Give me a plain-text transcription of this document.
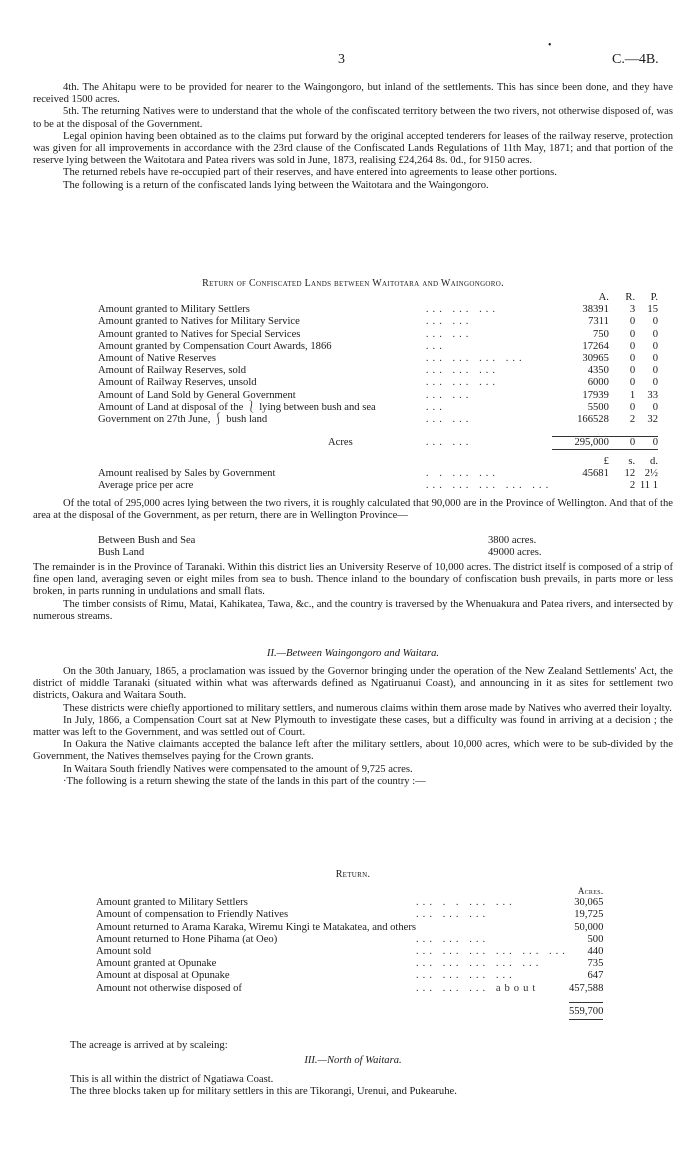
•
3	C.—4B.

4th. The Ahitapu were to be provided for nearer to the Waingongoro, but inland of the settlements. This has since been done, and they have received 1500 acres.

5th. The returning Natives were to understand that the whole of the confiscated territory between the two rivers, not otherwise disposed of, was to be at the disposal of the Government.

Legal opinion having been obtained as to the claims put forward by the original accepted tenderers for leases of the railway reserve, protection was given for all improvements in accordance with the 23rd clause of the Confiscated Lands Regulations of 11th May, 1871; and that portion of the reserve lying between the Waitotara and Patea rivers was sold in June, 1873, realising £24,264 8s. 0d., for 9150 acres.

The returned rebels have re-occupied part of their reserves, and have entered into agreements to lease other portions.

The following is a return of the confiscated lands lying between the Waitotara and the Waingongoro.

Return of Confiscated Lands between Waitotara and Waingongoro.
		A.	R.	P.
Amount granted to Military Settlers	... ... ...	38391	3	15
Amount granted to Natives for Military Service	... ...	7311	0	0
Amount granted to Natives for Special Services	... ...	750	0	0
Amount granted by Compensation Court Awards, 1866	...	17264	0	0
Amount of Native Reserves	... ... ... ...	30965	0	0
Amount of Railway Reserves, sold	... ... ...	4350	0	0
Amount of Railway Reserves, unsold	... ... ...	6000	0	0
Amount of Land Sold by General Government	... ...	17939	1	33
Amount of Land at disposal of the ⎱ lying between bush and sea	...	5500	0	0
Government on 27th June, ⎰ bush land	... ...	166528	2	32

Acres	... ...	295,000	0	0
		£	s.	d.
Amount realised by Sales by Government	. . ... ...	45681	12	2½
Average price per acre	... ... ... ... ...		2	11 1

Of the total of 295,000 acres lying between the two rivers, it is roughly calculated that 90,000 are in the Province of Wellington. And that of the area at the disposal of the Government, as per return, there are in Wellington Province—

Between Bush and Sea	3800 acres.
Bush Land	49000 acres.

The remainder is in the Province of Taranaki. Within this district lies an University Reserve of 10,000 acres. The district itself is composed of a strip of fine open land, averaging seven or eight miles from sea to bush. Thence inland to the boundary of confiscation bush prevails, in parts more or less broken, in parts running in undulations and small flats.

The timber consists of Rimu, Matai, Kahikatea, Tawa, &c., and the country is traversed by the Whenuakura and Patea rivers, and intersected by numerous streams.

II.—Between Waingongoro and Waitara.

On the 30th January, 1865, a proclamation was issued by the Governor bringing under the operation of the New Zealand Settlements' Act, the district of middle Taranaki (situated within what was afterwards defined as Ngatiruanui Coast), and announcing in it as sites for settlement two districts, Oakura and Waitara South.

These districts were chiefly apportioned to military settlers, and numerous claims within them arose made by Natives who averred their loyalty.

In July, 1866, a Compensation Court sat at New Plymouth to investigate these cases, but a difficulty was found in arriving at a decision ; the matter was left to the Government, and was settled out of Court.

In Oakura the Native claimants accepted the balance left after the military settlers, about 10,000 acres, which were to be sub-divided by the Government, the Natives themselves paying for the Crown grants.

In Waitara South friendly Natives were compensated to the amount of 9,725 acres.

·The following is a return shewing the state of the lands in this part of the country :—

Return.
		Acres.
Amount granted to Military Settlers	... . . ... ...	30,065
Amount of compensation to Friendly Natives	... ... ...	19,725
Amount returned to Arama Karaka, Wiremu Kingi te Matakatea, and others		50,000
Amount returned to Hone Pihama (at Oeo)	... ... ...	500
Amount sold	... ... ... ... ... ...	440
Amount granted at Opunake	... ... ... ... ...	735
Amount at disposal at Opunake	... ... ... ...	647
Amount not otherwise disposed of	... ... ... about	457,588

		559,700
The acreage is arrived at by scaleing:
III.—North of Waitara.

This is all within the district of Ngatiawa Coast.

The three blocks taken up for military settlers in this are Tikorangi, Urenui, and Pukearuhe.
